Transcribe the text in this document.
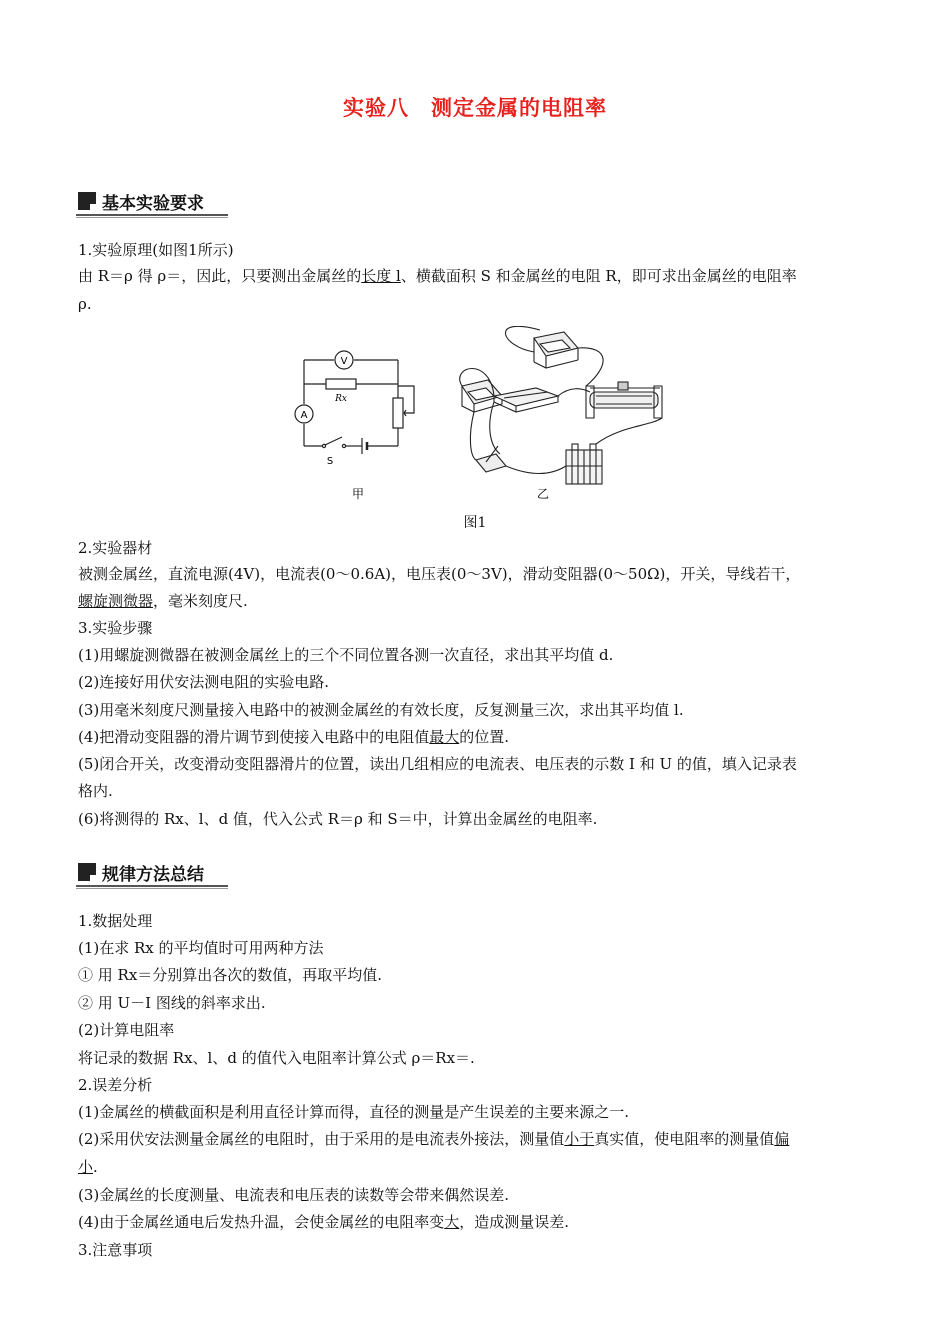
实验八　测定金属的电阻率
基本实验要求
1.实验原理(如图1所示)
由 R＝ρ 得 ρ＝，因此，只要测出金属丝的长度 l、横截面积 S 和金属丝的电阻 R，即可求出金属丝的电阻率
ρ.
V
A
Rx
S
甲	乙
图1
2.实验器材
被测金属丝，直流电源(4V)，电流表(0～0.6A)，电压表(0～3V)，滑动变阻器(0～50Ω)，开关，导线若干，
螺旋测微器，毫米刻度尺.
3.实验步骤
(1)用螺旋测微器在被测金属丝上的三个不同位置各测一次直径，求出其平均值 d.
(2)连接好用伏安法测电阻的实验电路.
(3)用毫米刻度尺测量接入电路中的被测金属丝的有效长度，反复测量三次，求出其平均值 l.
(4)把滑动变阻器的滑片调节到使接入电路中的电阻值最大的位置.
(5)闭合开关，改变滑动变阻器滑片的位置，读出几组相应的电流表、电压表的示数 I 和 U 的值，填入记录表
格内.
(6)将测得的 Rx、l、d 值，代入公式 R＝ρ 和 S＝中，计算出金属丝的电阻率.
规律方法总结
1.数据处理
(1)在求 Rx 的平均值时可用两种方法
① 用 Rx＝分别算出各次的数值，再取平均值.
② 用 U－I 图线的斜率求出.
(2)计算电阻率
将记录的数据 Rx、l、d 的值代入电阻率计算公式 ρ＝Rx＝.
2.误差分析
(1)金属丝的横截面积是利用直径计算而得，直径的测量是产生误差的主要来源之一.
(2)采用伏安法测量金属丝的电阻时，由于采用的是电流表外接法，测量值小于真实值，使电阻率的测量值偏
小.
(3)金属丝的长度测量、电流表和电压表的读数等会带来偶然误差.
(4)由于金属丝通电后发热升温，会使金属丝的电阻率变大，造成测量误差.
3.注意事项
